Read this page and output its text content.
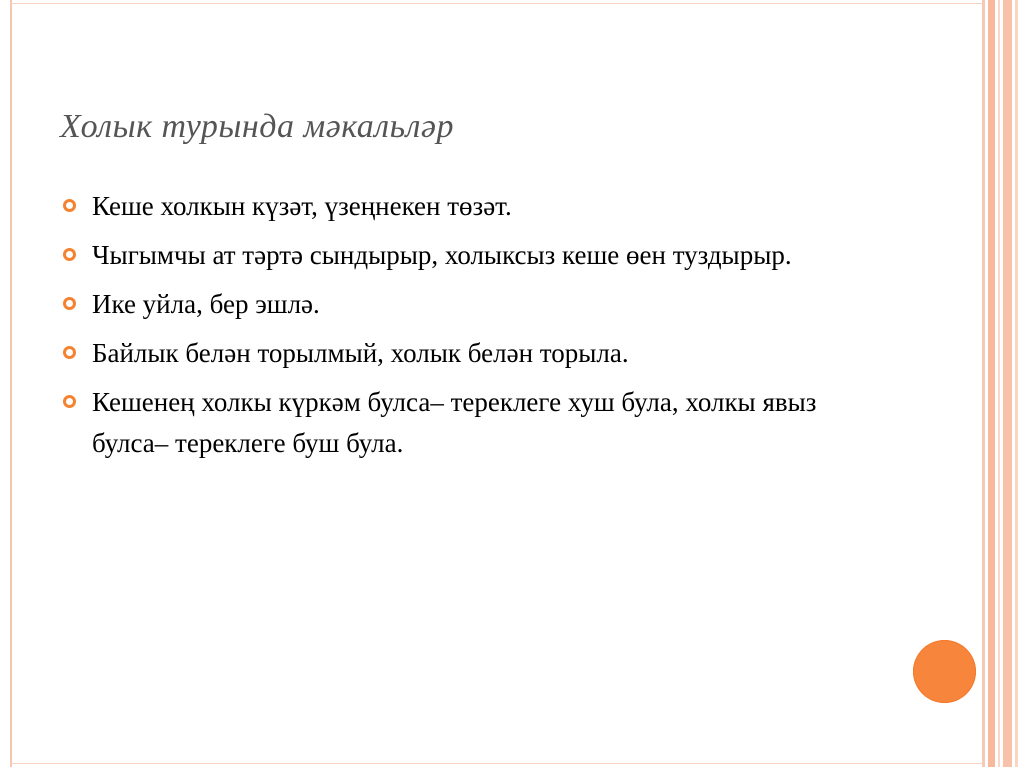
Холык турында мәкальләр
Кеше холкын күзәт, үзеңнекен төзәт.
Чыгымчы ат тәртә сындырыр, холыксыз кеше өен туздырыр.
Ике уйла, бер эшлә.
Байлык белән торылмый, холык белән торыла.
Кешенең холкы күркәм булса– тереклеге хуш була, холкы явыз булса– тереклеге буш була.
